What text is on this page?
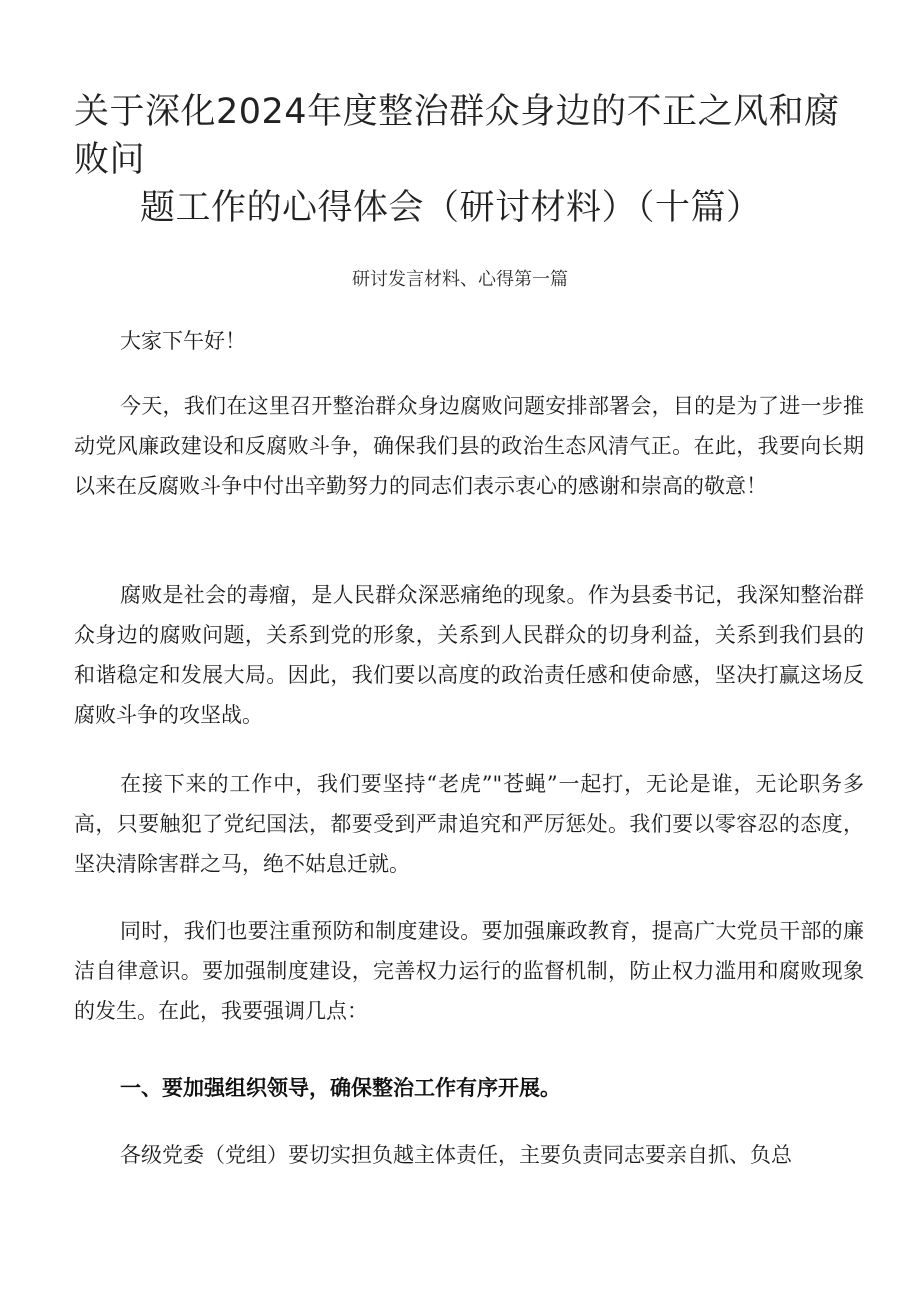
关于深化2024年度整治群众身边的不正之风和腐败问
题工作的心得体会（研讨材料）（十篇）
研讨发言材料、心得第一篇

大家下午好！

今天，我们在这里召开整治群众身边腐败问题安排部署会，目的是为了进一步推动党风廉政建设和反腐败斗争，确保我们县的政治生态风清气正。在此，我要向长期以来在反腐败斗争中付出辛勤努力的同志们表示衷心的感谢和崇高的敬意！

腐败是社会的毒瘤，是人民群众深恶痛绝的现象。作为县委书记，我深知整治群众身边的腐败问题，关系到党的形象，关系到人民群众的切身利益，关系到我们县的和谐稳定和发展大局。因此，我们要以高度的政治责任感和使命感，坚决打赢这场反腐败斗争的攻坚战。

在接下来的工作中，我们要坚持“老虎”"苍蝇”一起打，无论是谁，无论职务多高，只要触犯了党纪国法，都要受到严肃追究和严厉惩处。我们要以零容忍的态度，坚决清除害群之马，绝不姑息迁就。

同时，我们也要注重预防和制度建设。要加强廉政教育，提高广大党员干部的廉洁自律意识。要加强制度建设，完善权力运行的监督机制，防止权力滥用和腐败现象的发生。在此，我要强调几点：

一、要加强组织领导，确保整治工作有序开展。

各级党委（党组）要切实担负越主体责任，主要负责同志要亲自抓、负总
